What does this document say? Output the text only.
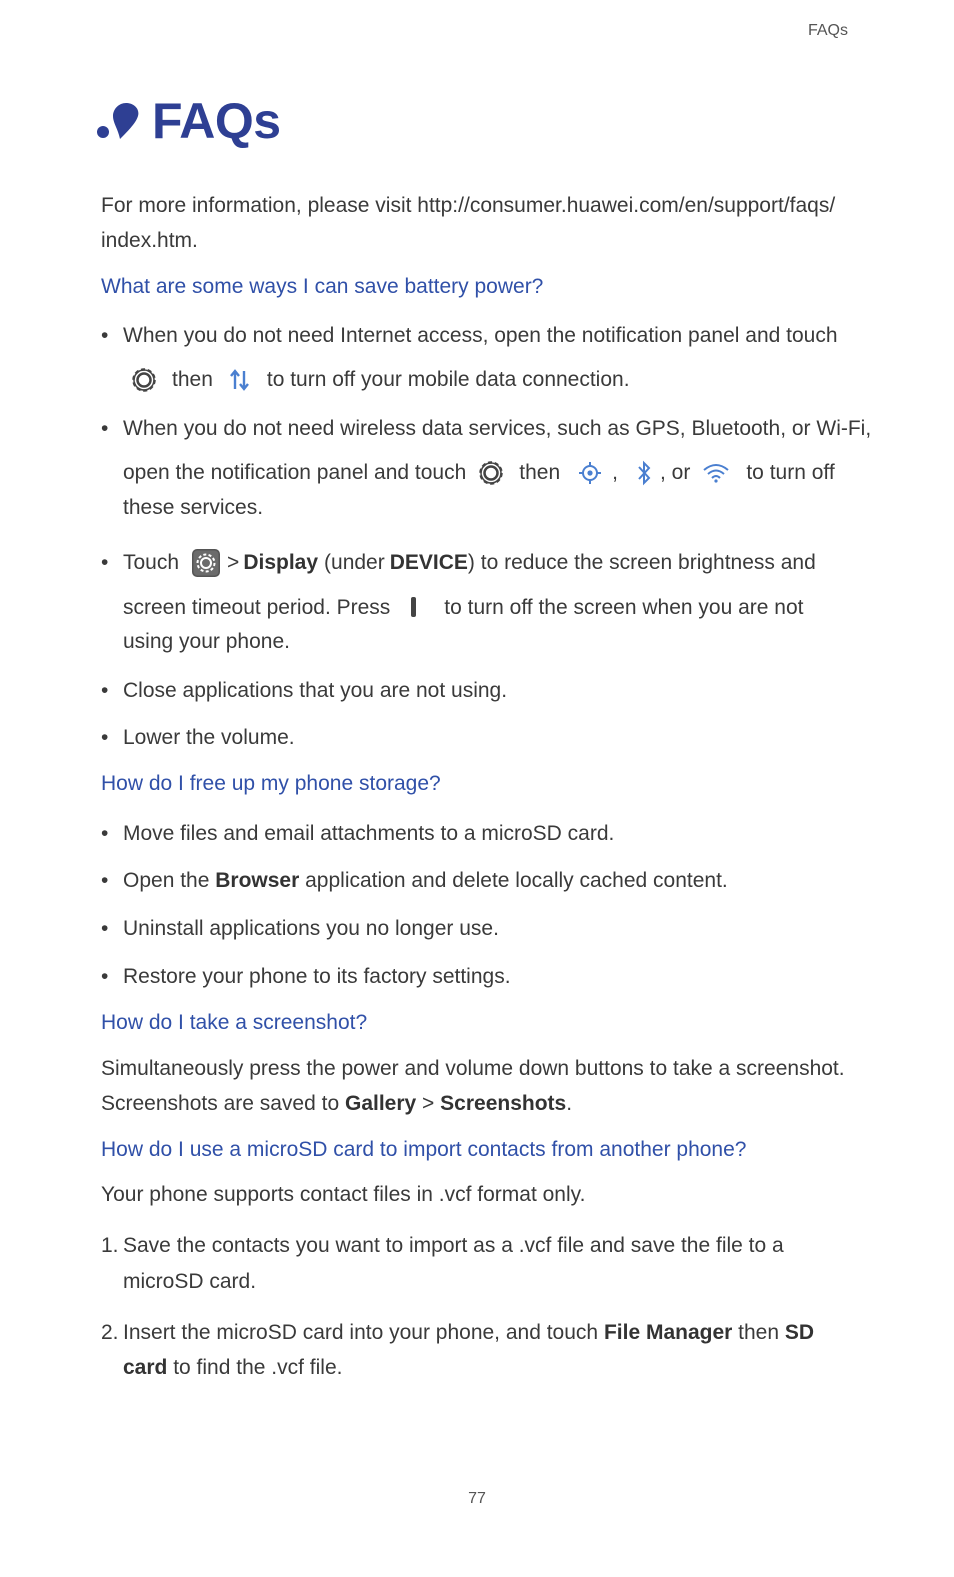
FAQs
FAQs
For more information, please visit http://consumer.huawei.com/en/support/faqs/
index.htm.
What are some ways I can save battery power?
• When you do not need Internet access, open the notification panel and touch
then	to turn off your mobile data connection.
• When you do not need wireless data services, such as GPS, Bluetooth, or Wi-Fi,
open the notification panel and touch	then , , or	to turn off
these services.
• Touch > Display (under DEVICE ) to reduce the screen brightness and
screen timeout period. Press	to turn off the screen when you are not
using your phone.
• Close applications that you are not using.
• Lower the volume.
How do I free up my phone storage?
• Move files and email attachments to a microSD card.
• Open the Browser application and delete locally cached content.
• Uninstall applications you no longer use.
• Restore your phone to its factory settings.
How do I take a screenshot?
Simultaneously press the power and volume down buttons to take a screenshot.
Screenshots are saved to Gallery > Screenshots.
How do I use a microSD card to import contacts from another phone?
Your phone supports contact files in .vcf format only.
1. Save the contacts you want to import as a .vcf file and save the file to a
microSD card.
2. Insert the microSD card into your phone, and touch File Manager then SD
card to find the .vcf file.
77
